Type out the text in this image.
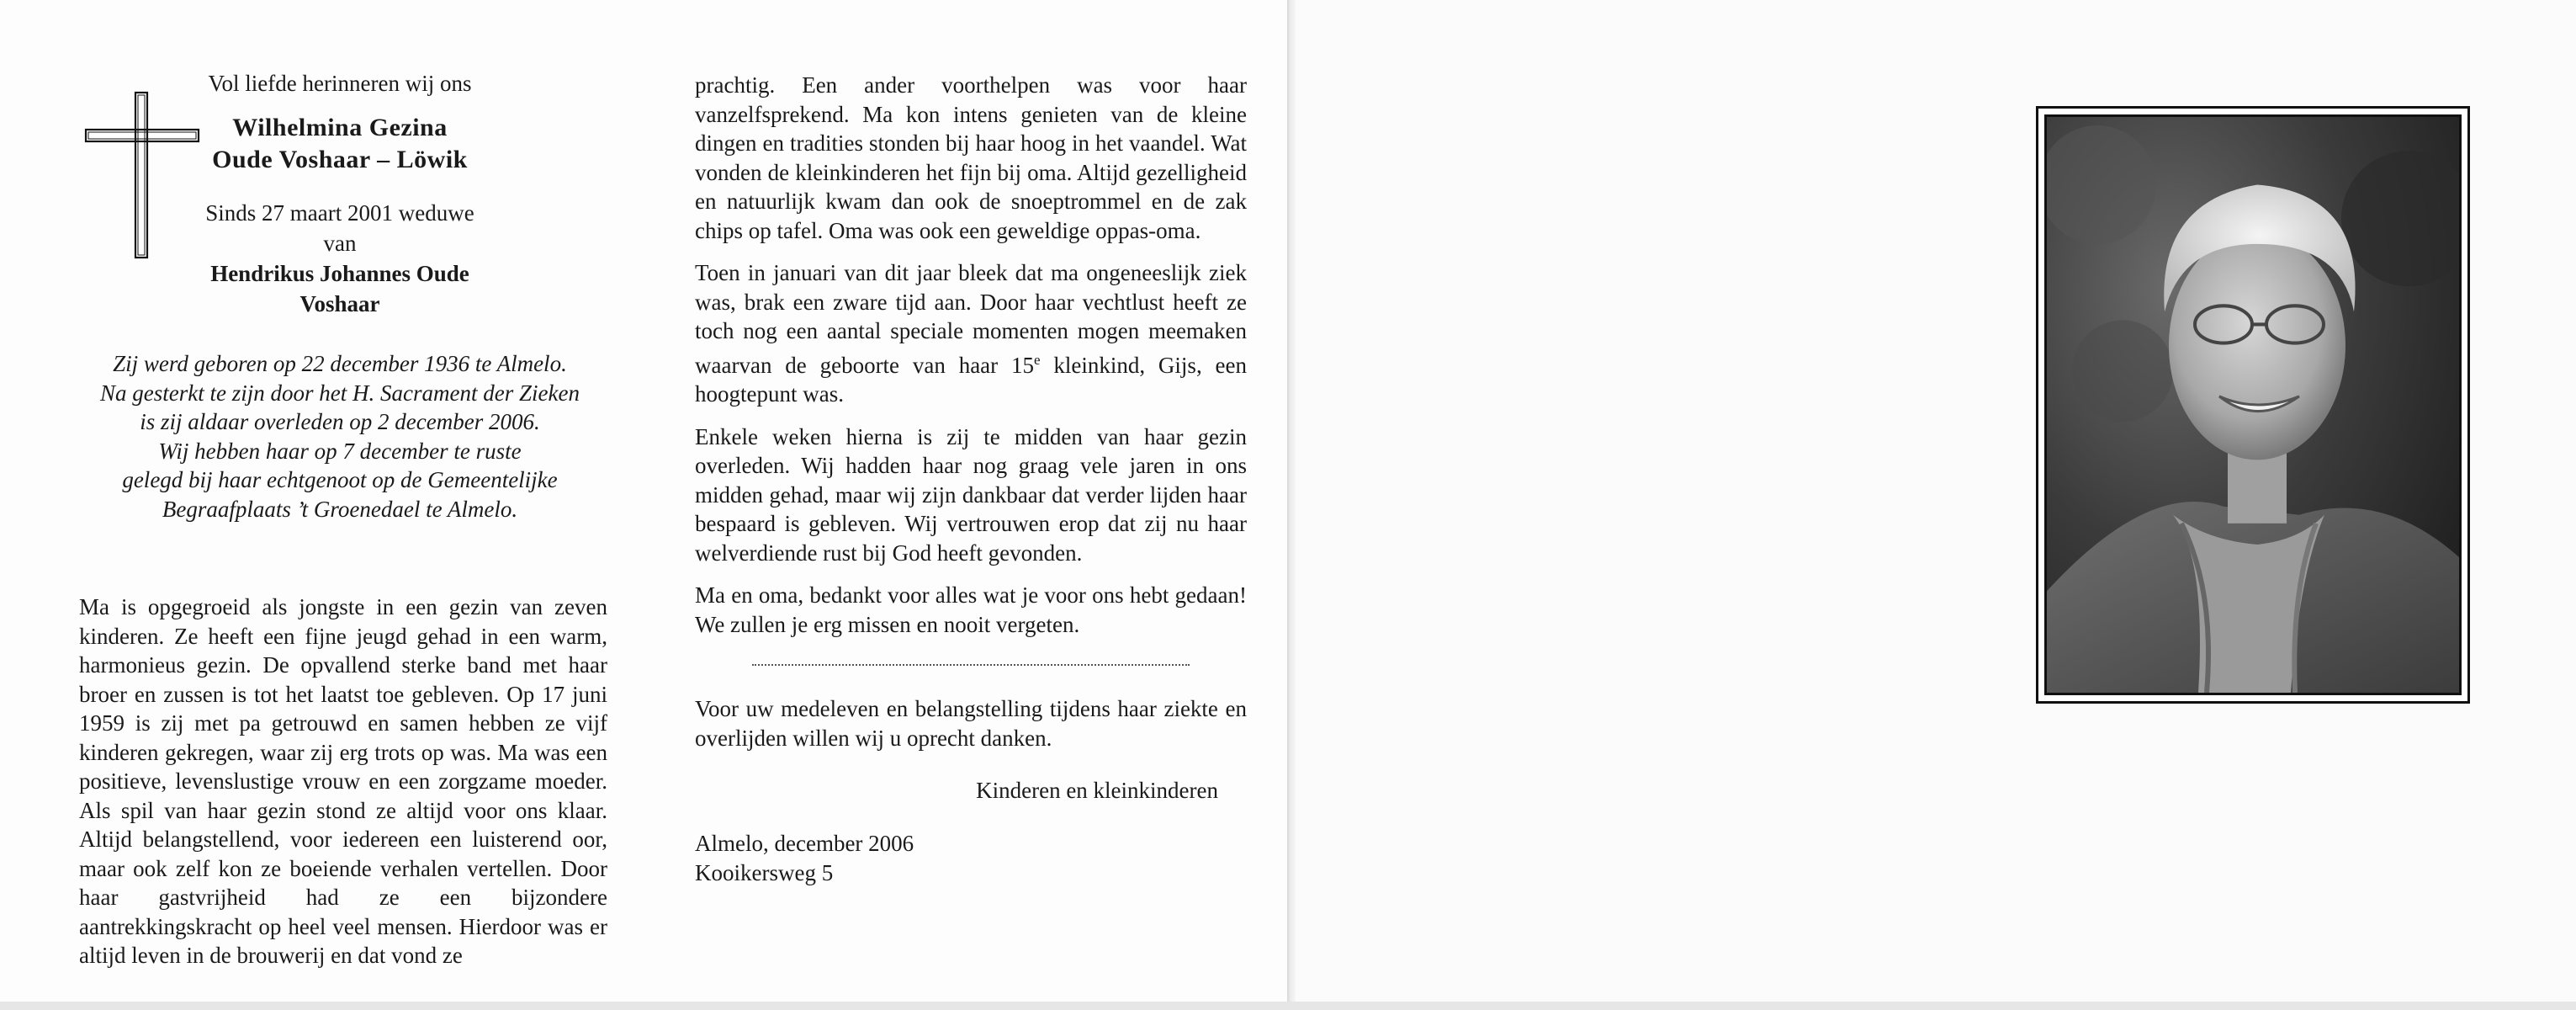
Vol liefde herinneren wij ons
Wilhelmina Gezina
Oude Voshaar – Löwik
Sinds 27 maart 2001 weduwe van
Hendrikus Johannes Oude Voshaar
Zij werd geboren op 22 december 1936 te Almelo.
Na gesterkt te zijn door het H. Sacrament der Zieken
is zij aldaar overleden op 2 december 2006.
Wij hebben haar op 7 december te ruste
gelegd bij haar echtgenoot op de Gemeentelijke
Begraafplaats ’t Groenedael te Almelo.

Ma is opgegroeid als jongste in een gezin van zeven kinderen. Ze heeft een fijne jeugd gehad in een warm, harmonieus gezin. De opvallend sterke band met haar broer en zussen is tot het laatst toe gebleven. Op 17 juni 1959 is zij met pa getrouwd en samen hebben ze vijf kinderen gekregen, waar zij erg trots op was. Ma was een positieve, levenslustige vrouw en een zorgzame moeder. Als spil van haar gezin stond ze altijd voor ons klaar. Altijd belangstellend, voor iedereen een luisterend oor, maar ook zelf kon ze boeiende verhalen vertellen. Door haar gastvrijheid had ze een bijzondere aantrekkingskracht op heel veel mensen. Hierdoor was er altijd leven in de brouwerij en dat vond ze

prachtig. Een ander voorthelpen was voor haar vanzelfsprekend. Ma kon intens genieten van de kleine dingen en tradities stonden bij haar hoog in het vaandel. Wat vonden de kleinkinderen het fijn bij oma. Altijd gezelligheid en natuurlijk kwam dan ook de snoeptrommel en de zak chips op tafel. Oma was ook een geweldige oppas-oma.

Toen in januari van dit jaar bleek dat ma ongeneeslijk ziek was, brak een zware tijd aan. Door haar vechtlust heeft ze toch nog een aantal speciale momenten mogen meemaken waarvan de geboorte van haar 15e kleinkind, Gijs, een hoogtepunt was.

Enkele weken hierna is zij te midden van haar gezin overleden. Wij hadden haar nog graag vele jaren in ons midden gehad, maar wij zijn dankbaar dat verder lijden haar bespaard is gebleven. Wij vertrouwen erop dat zij nu haar welverdiende rust bij God heeft gevonden.

Ma en oma, bedankt voor alles wat je voor ons hebt gedaan! We zullen je erg missen en nooit vergeten.

Voor uw medeleven en belangstelling tijdens haar ziekte en overlijden willen wij u oprecht danken.

Kinderen en kleinkinderen
Almelo, december 2006
Kooikersweg 5
